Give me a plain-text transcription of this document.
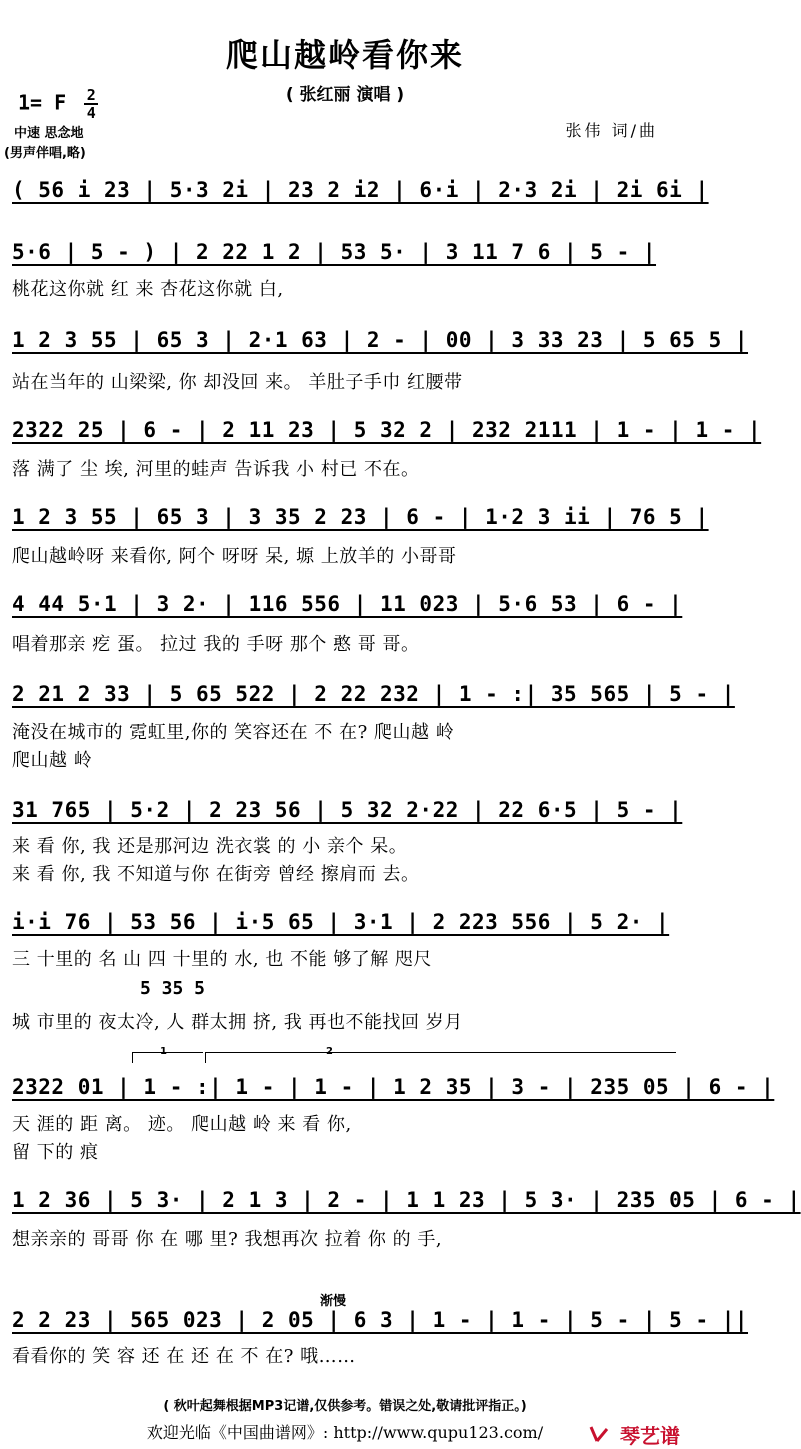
爬山越岭看你来
( 张红丽 演唱 )
1= F $\frac{2}{4}$
中速 思念地
(男声伴唱,略)
张伟 词/曲
( 56 i 23 | 5·3 2i | 23 2 i2 | 6·i | 2·3 2i | 2i 6i |
5·6 | 5 - ) | 2 22 1 2 | 53 5· | 3 11 7 6 | 5 - |
桃花这你就 红 来 杏花这你就 白,
1 2 3 55 | 65 3 | 2·1 63 | 2 - | 00 | 3 33 23 | 5 65 5 |
站在当年的 山梁梁, 你 却没回 来。 羊肚子手巾 红腰带
2322 25 | 6 - | 2 11 23 | 5 32 2 | 232 2111 | 1 - | 1 - |
落 满了 尘 埃, 河里的蛙声 告诉我 小 村已 不在。
1 2 3 55 | 65 3 | 3 35 2 23 | 6 - | 1·2 3 ii | 76 5 |
爬山越岭呀 来看你, 阿个 呀呀 呆, 塬 上放羊的 小哥哥
4 44 5·1 | 3 2· | 116 556 | 11 023 | 5·6 53 | 6 - |
唱着那亲 疙 蛋。 拉过 我的 手呀 那个 憨 哥 哥。
2 21 2 33 | 5 65 522 | 2 22 232 | 1 - :| 35 565 | 5 - |
淹没在城市的 霓虹里,你的 笑容还在 不 在? 爬山越 岭
爬山越 岭
31 765 | 5·2 | 2 23 56 | 5 32 2·22 | 22 6·5 | 5 - |
来 看 你, 我 还是那河边 洗衣裳 的 小 亲个 呆。
来 看 你, 我 不知道与你 在街旁 曾经 擦肩而 去。
i·i 76 | 53 56 | i·5 65 | 3·1 | 2 223 556 | 5 2· |
三 十里的 名 山 四 十里的 水, 也 不能 够了解 咫尺
5 35 5
城 市里的 夜太冷, 人 群太拥 挤, 我 再也不能找回 岁月
1	2
2322 01 | 1 - :| 1 - | 1 - | 1 2 35 | 3 - | 235 05 | 6 - |
天 涯的 距 离。 迹。 爬山越 岭 来 看 你,
留 下的 痕
1 2 36 | 5 3· | 2 1 3 | 2 - | 1 1 23 | 5 3· | 235 05 | 6 - |
想亲亲的 哥哥 你 在 哪 里? 我想再次 拉着 你 的 手,
渐慢
2 2 23 | 565 023 | 2 05 | 6 3 | 1 - | 1 - | 5 - | 5 - ||
看看你的 笑 容 还 在 还 在 不 在? 哦……
( 秋叶起舞根据MP3记谱,仅供参考。错误之处,敬请批评指正。)
欢迎光临《中国曲谱网》: http://www.qupu123.com/	琴艺谱
